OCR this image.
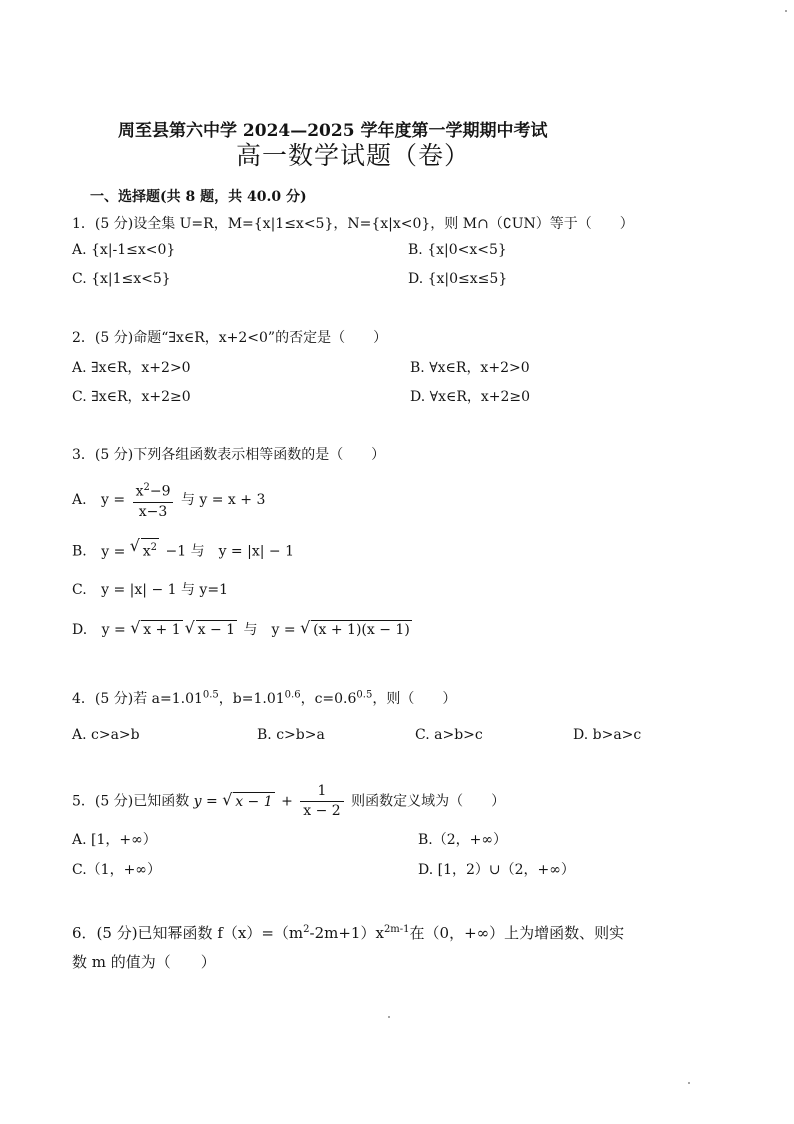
周至县第六中学 2024—2025 学年度第一学期期中考试
高一数学试题（卷）
一、选择题(共 8 题，共 40.0 分)
1．(5 分)设全集 U=R，M={x|1≤x<5}，N={x|x<0}，则 M∩（∁UN）等于（　　）
A. {x|-1≤x<0}	B. {x|0<x<5}
C. {x|1≤x<5}	D. {x|0≤x≤5}
2．(5 分)命题“∃x∈R，x+2<0”的否定是（　　）
A. ∃x∈R，x+2>0	B. ∀x∈R，x+2>0
C. ∃x∈R，x+2≥0	D. ∀x∈R，x+2≥0
3．(5 分)下列各组函数表示相等函数的是（　　）
A. $y = \frac{x^2-9}{x-3}$ 与 y = x + 3
B. y = √ $x^2 -1$ 与　y = |x| − 1
C. y = |x| − 1 与 y=1
D. y = √ x + 1 √ x − 1 与　y = √ (x + 1)(x − 1)
4．(5 分)若 $a=1.01^{0.5}$，$b=1.01^{0.6}$，$c=0.6^{0.5}$，则（　　）
A. c>a>b	B. c>b>a	C. a>b>c	D. b>a>c
5．(5 分)已知函数 y = √ $x - 1 + \frac{1}{x - 2}$ 则函数定义域为（　　）
A. [1，+∞）	B.（2，+∞）
C.（1，+∞）	D. [1，2）∪（2，+∞）
6．(5 分)已知幂函数 $f(x)=(m^2-2m+1)x^{2m-1}$在（0，+∞）上为增函数、则实
数 m 的值为（　　）
